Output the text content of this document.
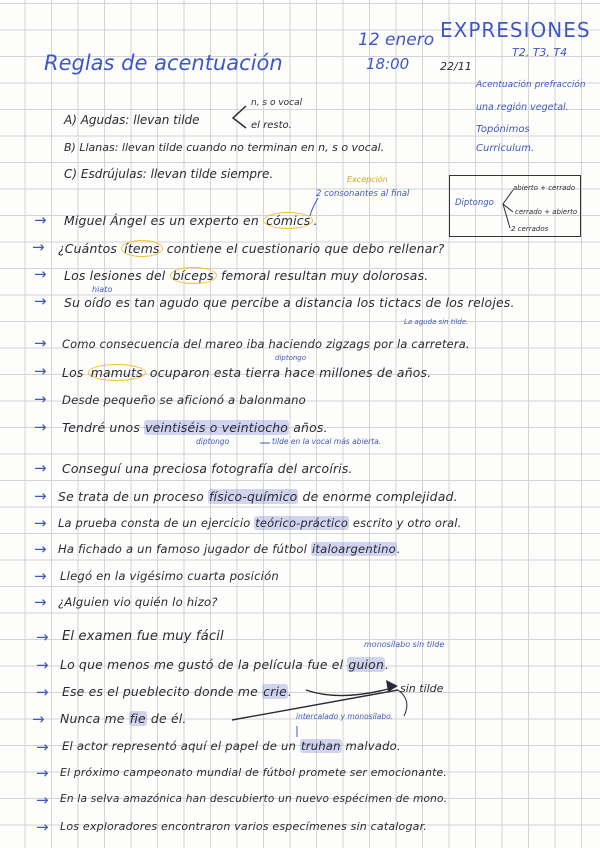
Reglas de acentuación
12 enero
18:00
EXPRESIONES
T2, T3, T4
22/11
Acentuación prefracción
una región vegetal.
Topónimos
Curriculum.
A) Agudas: llevan tilde
n, s o vocal
el resto.
B) Llanas: llevan tilde cuando no terminan en n, s o vocal.
C) Esdrújulas: llevan tilde siempre.
Diptongo
abierto + cerrado
cerrado + abierto
2 cerrados
Excepción
2 consonantes al final
hiato
La aguda sin tilde.
diptongo
diptongo	tilde en la vocal más abierta.
monosílabo sin tilde
sin tilde
intercalado y monosílabo.
→ Miguel Ángel es un experto en cómics .
→ ¿Cuántos ítems contiene el cuestionario que debo rellenar?
→ Los lesiones del bíceps femoral resultan muy dolorosas.
→ Su oído es tan agudo que percibe a distancia los tictacs de los relojes.
→ Como consecuencia del mareo iba haciendo zigzags por la carretera.
→ Los mamuts ocuparon esta tierra hace millones de años.
→ Desde pequeño se aficionó a balonmano
→ Tendré unos veintiséis o veintiocho años.
→ Conseguí una preciosa fotografía del arcoíris.
→ Se trata de un proceso físico-químico de enorme complejidad.
→ La prueba consta de un ejercicio teórico-práctico escrito y otro oral.
→ Ha fichado a un famoso jugador de fútbol italoargentino.
→ Llegó en la vigésimo cuarta posición
→ ¿Alguien vio quién lo hizo?
→ El examen fue muy fácil
→ Lo que menos me gustó de la película fue el guion.
→ Ese es el pueblecito donde me crie.
→ Nunca me fie de él.
→ El actor representó aquí el papel de un truhan malvado.
→ El próximo campeonato mundial de fútbol promete ser emocionante.
→ En la selva amazónica han descubierto un nuevo espécimen de mono.
→ Los exploradores encontraron varios especímenes sin catalogar.
